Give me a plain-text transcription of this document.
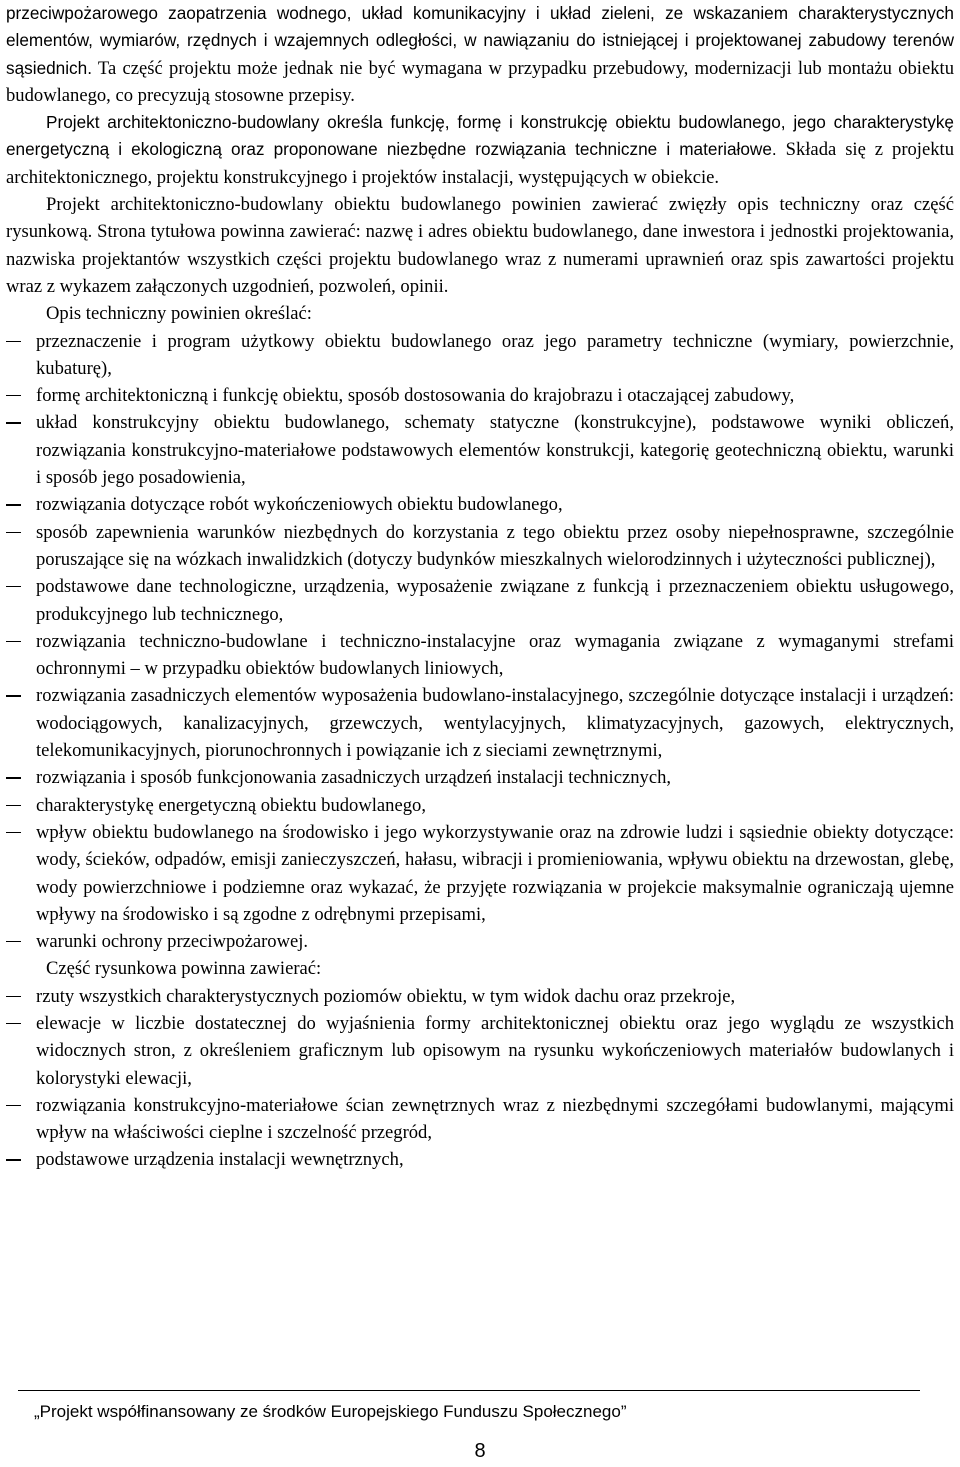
przeciwpożarowego zaopatrzenia wodnego, układ komunikacyjny i układ zieleni, ze wskazaniem charakterystycznych elementów, wymiarów, rzędnych i wzajemnych odległości, w nawiązaniu do istniejącej i projektowanej zabudowy terenów sąsiednich. Ta część projektu może jednak nie być wymagana w przypadku przebudowy, modernizacji lub montażu obiektu budowlanego, co precyzują stosowne przepisy.

Projekt architektoniczno-budowlany określa funkcję, formę i konstrukcję obiektu budowlanego, jego charakterystykę energetyczną i ekologiczną oraz proponowane niezbędne rozwiązania techniczne i materiałowe. Składa się z projektu architektonicznego, projektu konstrukcyjnego i projektów instalacji, występujących w obiekcie.

Projekt architektoniczno-budowlany obiektu budowlanego powinien zawierać zwięzły opis techniczny oraz część rysunkową. Strona tytułowa powinna zawierać: nazwę i adres obiektu budowlanego, dane inwestora i jednostki projektowania, nazwiska projektantów wszystkich części projektu budowlanego wraz z numerami uprawnień oraz spis zawartości projektu wraz z wykazem załączonych uzgodnień, pozwoleń, opinii.

Opis techniczny powinien określać:

przeznaczenie i program użytkowy obiektu budowlanego oraz jego parametry techniczne (wymiary, powierzchnie, kubaturę),
formę architektoniczną i funkcję obiektu, sposób dostosowania do krajobrazu i otaczającej zabudowy,
układ konstrukcyjny obiektu budowlanego, schematy statyczne (konstrukcyjne), podstawowe wyniki obliczeń, rozwiązania konstrukcyjno-materiałowe podstawowych elementów konstrukcji, kategorię geotechniczną obiektu, warunki i sposób jego posadowienia,
rozwiązania dotyczące robót wykończeniowych obiektu budowlanego,
sposób zapewnienia warunków niezbędnych do korzystania z tego obiektu przez osoby niepełnosprawne, szczególnie poruszające się na wózkach inwalidzkich (dotyczy budynków mieszkalnych wielorodzinnych i użyteczności publicznej),
podstawowe dane technologiczne, urządzenia, wyposażenie związane z funkcją i przeznaczeniem obiektu usługowego, produkcyjnego lub technicznego,
rozwiązania techniczno-budowlane i techniczno-instalacyjne oraz wymagania związane z wymaganymi strefami ochronnymi – w przypadku obiektów budowlanych liniowych,
rozwiązania zasadniczych elementów wyposażenia budowlano-instalacyjnego, szczególnie dotyczące instalacji i urządzeń: wodociągowych, kanalizacyjnych, grzewczych, wentylacyjnych, klimatyzacyjnych, gazowych, elektrycznych, telekomunikacyjnych, piorunochronnych i powiązanie ich z sieciami zewnętrznymi,
rozwiązania i sposób funkcjonowania zasadniczych urządzeń instalacji technicznych,
charakterystykę energetyczną obiektu budowlanego,
wpływ obiektu budowlanego na środowisko i jego wykorzystywanie oraz na zdrowie ludzi i sąsiednie obiekty dotyczące: wody, ścieków, odpadów, emisji zanieczyszczeń, hałasu, wibracji i promieniowania, wpływu obiektu na drzewostan, glebę, wody powierzchniowe i podziemne oraz wykazać, że przyjęte rozwiązania w projekcie maksymalnie ograniczają ujemne wpływy na środowisko i są zgodne z odrębnymi przepisami,
warunki ochrony przeciwpożarowej.

Część rysunkowa powinna zawierać:

rzuty wszystkich charakterystycznych poziomów obiektu, w tym widok dachu oraz przekroje,
elewacje w liczbie dostatecznej do wyjaśnienia formy architektonicznej obiektu oraz jego wyglądu ze wszystkich widocznych stron, z określeniem graficznym lub opisowym na rysunku wykończeniowych materiałów budowlanych i kolorystyki elewacji,
rozwiązania konstrukcyjno-materiałowe ścian zewnętrznych wraz z niezbędnymi szczegółami budowlanymi, mającymi wpływ na właściwości cieplne i szczelność przegród,
podstawowe urządzenia instalacji wewnętrznych,
„Projekt współfinansowany ze środków Europejskiego Funduszu Społecznego”
8
